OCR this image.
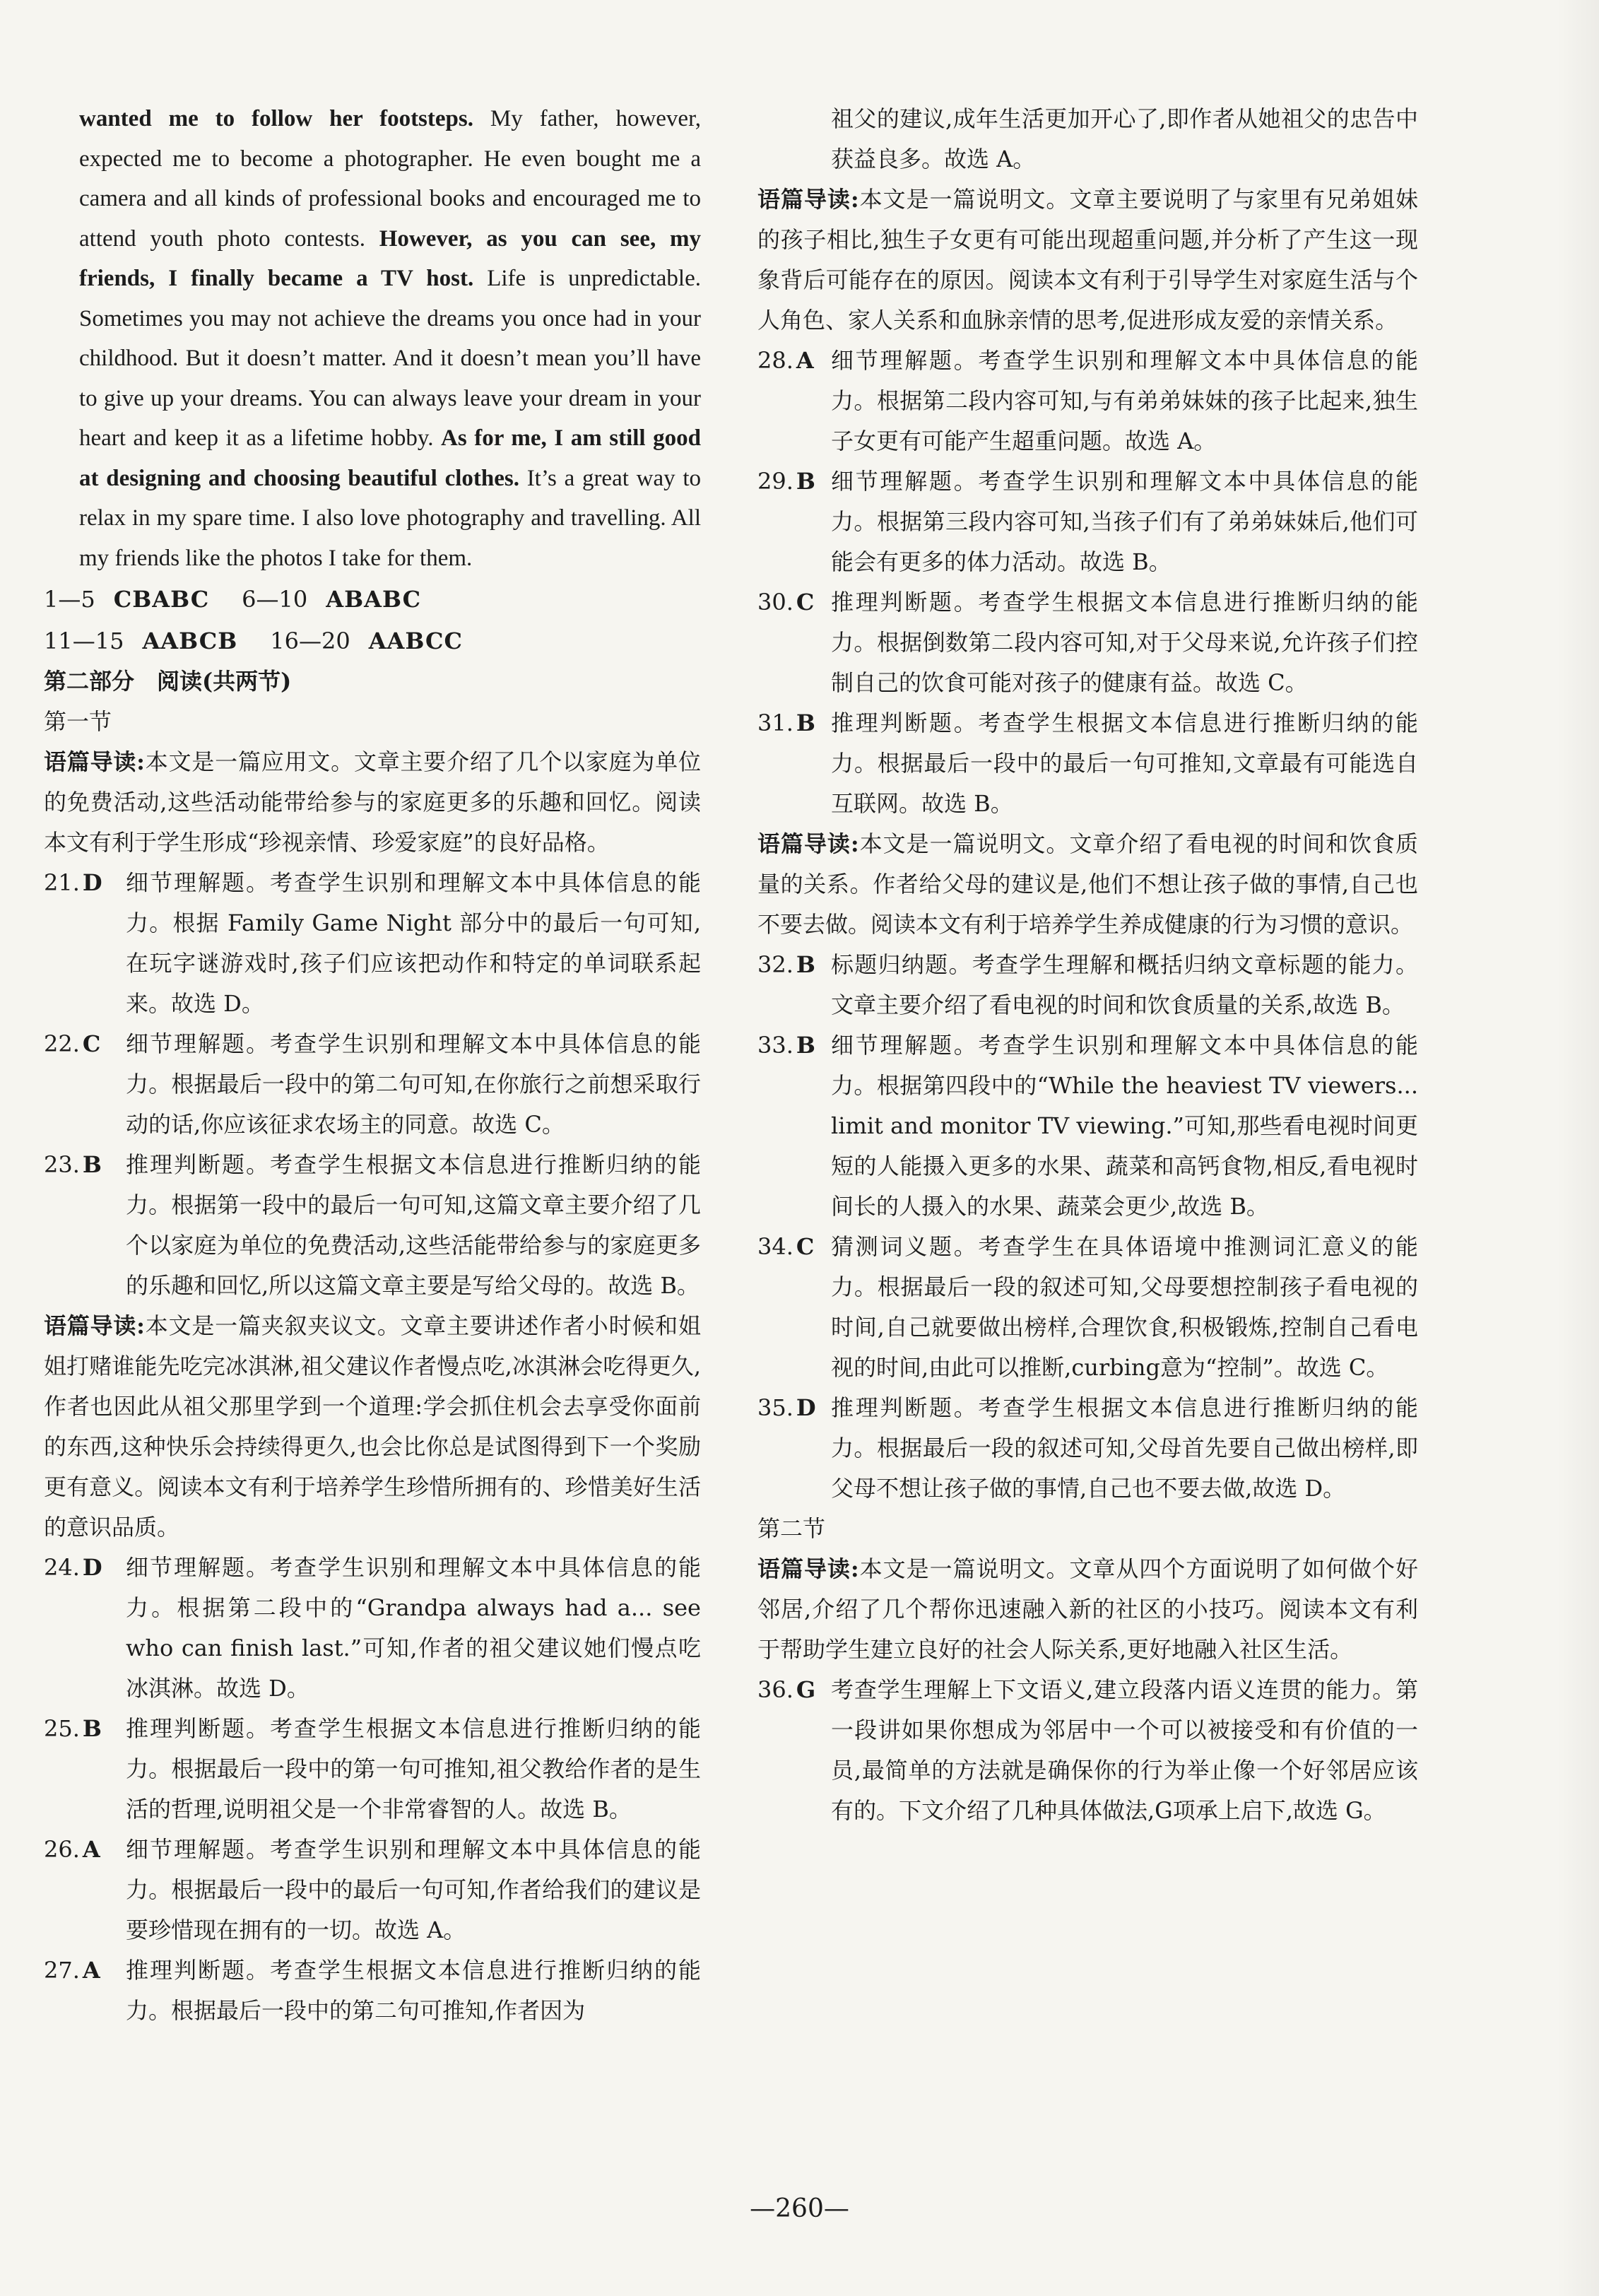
wanted me to follow her footsteps. My father, however, expected me to become a photographer. He even bought me a camera and all kinds of professional books and encouraged me to attend youth photo contests. However, as you can see, my friends, I finally became a TV host. Life is unpredictable. Sometimes you may not achieve the dreams you once had in your childhood. But it doesn’t matter. And it doesn’t mean you’ll have to give up your dreams. You can always leave your dream in your heart and keep it as a lifetime hobby. As for me, I am still good at designing and choosing beautiful clothes. It’s a great way to relax in my spare time. I also love photography and travelling. All my friends like the photos I take for them.

1—5 CBABC 6—10 ABABC

11—15 AABCB 16—20 AABCC

第二部分　阅读(共两节)

第一节

语篇导读:本文是一篇应用文。文章主要介绍了几个以家庭为单位的免费活动,这些活动能带给参与的家庭更多的乐趣和回忆。阅读本文有利于学生形成“珍视亲情、珍爱家庭”的良好品格。

21. D	细节理解题。考查学生识别和理解文本中具体信息的能力。根据 Family Game Night 部分中的最后一句可知,在玩字谜游戏时,孩子们应该把动作和特定的单词联系起来。故选 D。
22. C	细节理解题。考查学生识别和理解文本中具体信息的能力。根据最后一段中的第二句可知,在你旅行之前想采取行动的话,你应该征求农场主的同意。故选 C。
23. B	推理判断题。考查学生根据文本信息进行推断归纳的能力。根据第一段中的最后一句可知,这篇文章主要介绍了几个以家庭为单位的免费活动,这些活能带给参与的家庭更多的乐趣和回忆,所以这篇文章主要是写给父母的。故选 B。

语篇导读:本文是一篇夹叙夹议文。文章主要讲述作者小时候和姐姐打赌谁能先吃完冰淇淋,祖父建议作者慢点吃,冰淇淋会吃得更久,作者也因此从祖父那里学到一个道理:学会抓住机会去享受你面前的东西,这种快乐会持续得更久,也会比你总是试图得到下一个奖励更有意义。阅读本文有利于培养学生珍惜所拥有的、珍惜美好生活的意识品质。

24. D	细节理解题。考查学生识别和理解文本中具体信息的能力。根据第二段中的“Grandpa always had a... see who can finish last.”可知,作者的祖父建议她们慢点吃冰淇淋。故选 D。
25. B	推理判断题。考查学生根据文本信息进行推断归纳的能力。根据最后一段中的第一句可推知,祖父教给作者的是生活的哲理,说明祖父是一个非常睿智的人。故选 B。
26. A	细节理解题。考查学生识别和理解文本中具体信息的能力。根据最后一段中的最后一句可知,作者给我们的建议是要珍惜现在拥有的一切。故选 A。
27. A	推理判断题。考查学生根据文本信息进行推断归纳的能力。根据最后一段中的第二句可推知,作者因为
祖父的建议,成年生活更加开心了,即作者从她祖父的忠告中获益良多。故选 A。

语篇导读:本文是一篇说明文。文章主要说明了与家里有兄弟姐妹的孩子相比,独生子女更有可能出现超重问题,并分析了产生这一现象背后可能存在的原因。阅读本文有利于引导学生对家庭生活与个人角色、家人关系和血脉亲情的思考,促进形成友爱的亲情关系。

28. A 细节理解题。考查学生识别和理解文本中具体信息的能力。根据第二段内容可知,与有弟弟妹妹的孩子比起来,独生子女更有可能产生超重问题。故选 A。
29. B 细节理解题。考查学生识别和理解文本中具体信息的能力。根据第三段内容可知,当孩子们有了弟弟妹妹后,他们可能会有更多的体力活动。故选 B。
30. C 推理判断题。考查学生根据文本信息进行推断归纳的能力。根据倒数第二段内容可知,对于父母来说,允许孩子们控制自己的饮食可能对孩子的健康有益。故选 C。
31. B 推理判断题。考查学生根据文本信息进行推断归纳的能力。根据最后一段中的最后一句可推知,文章最有可能选自互联网。故选 B。

语篇导读:本文是一篇说明文。文章介绍了看电视的时间和饮食质量的关系。作者给父母的建议是,他们不想让孩子做的事情,自己也不要去做。阅读本文有利于培养学生养成健康的行为习惯的意识。

32. B 标题归纳题。考查学生理解和概括归纳文章标题的能力。文章主要介绍了看电视的时间和饮食质量的关系,故选 B。
33. B 细节理解题。考查学生识别和理解文本中具体信息的能力。根据第四段中的“While the heaviest TV viewers... limit and monitor TV viewing.”可知,那些看电视时间更短的人能摄入更多的水果、蔬菜和高钙食物,相反,看电视时间长的人摄入的水果、蔬菜会更少,故选 B。
34. C 猜测词义题。考查学生在具体语境中推测词汇意义的能力。根据最后一段的叙述可知,父母要想控制孩子看电视的时间,自己就要做出榜样,合理饮食,积极锻炼,控制自己看电视的时间,由此可以推断,curbing意为“控制”。故选 C。
35. D 推理判断题。考查学生根据文本信息进行推断归纳的能力。根据最后一段的叙述可知,父母首先要自己做出榜样,即父母不想让孩子做的事情,自己也不要去做,故选 D。

第二节

语篇导读:本文是一篇说明文。文章从四个方面说明了如何做个好邻居,介绍了几个帮你迅速融入新的社区的小技巧。阅读本文有利于帮助学生建立良好的社会人际关系,更好地融入社区生活。

36. G 考查学生理解上下文语义,建立段落内语义连贯的能力。第一段讲如果你想成为邻居中一个可以被接受和有价值的一员,最简单的方法就是确保你的行为举止像一个好邻居应该有的。下文介绍了几种具体做法,G项承上启下,故选 G。
—260—
